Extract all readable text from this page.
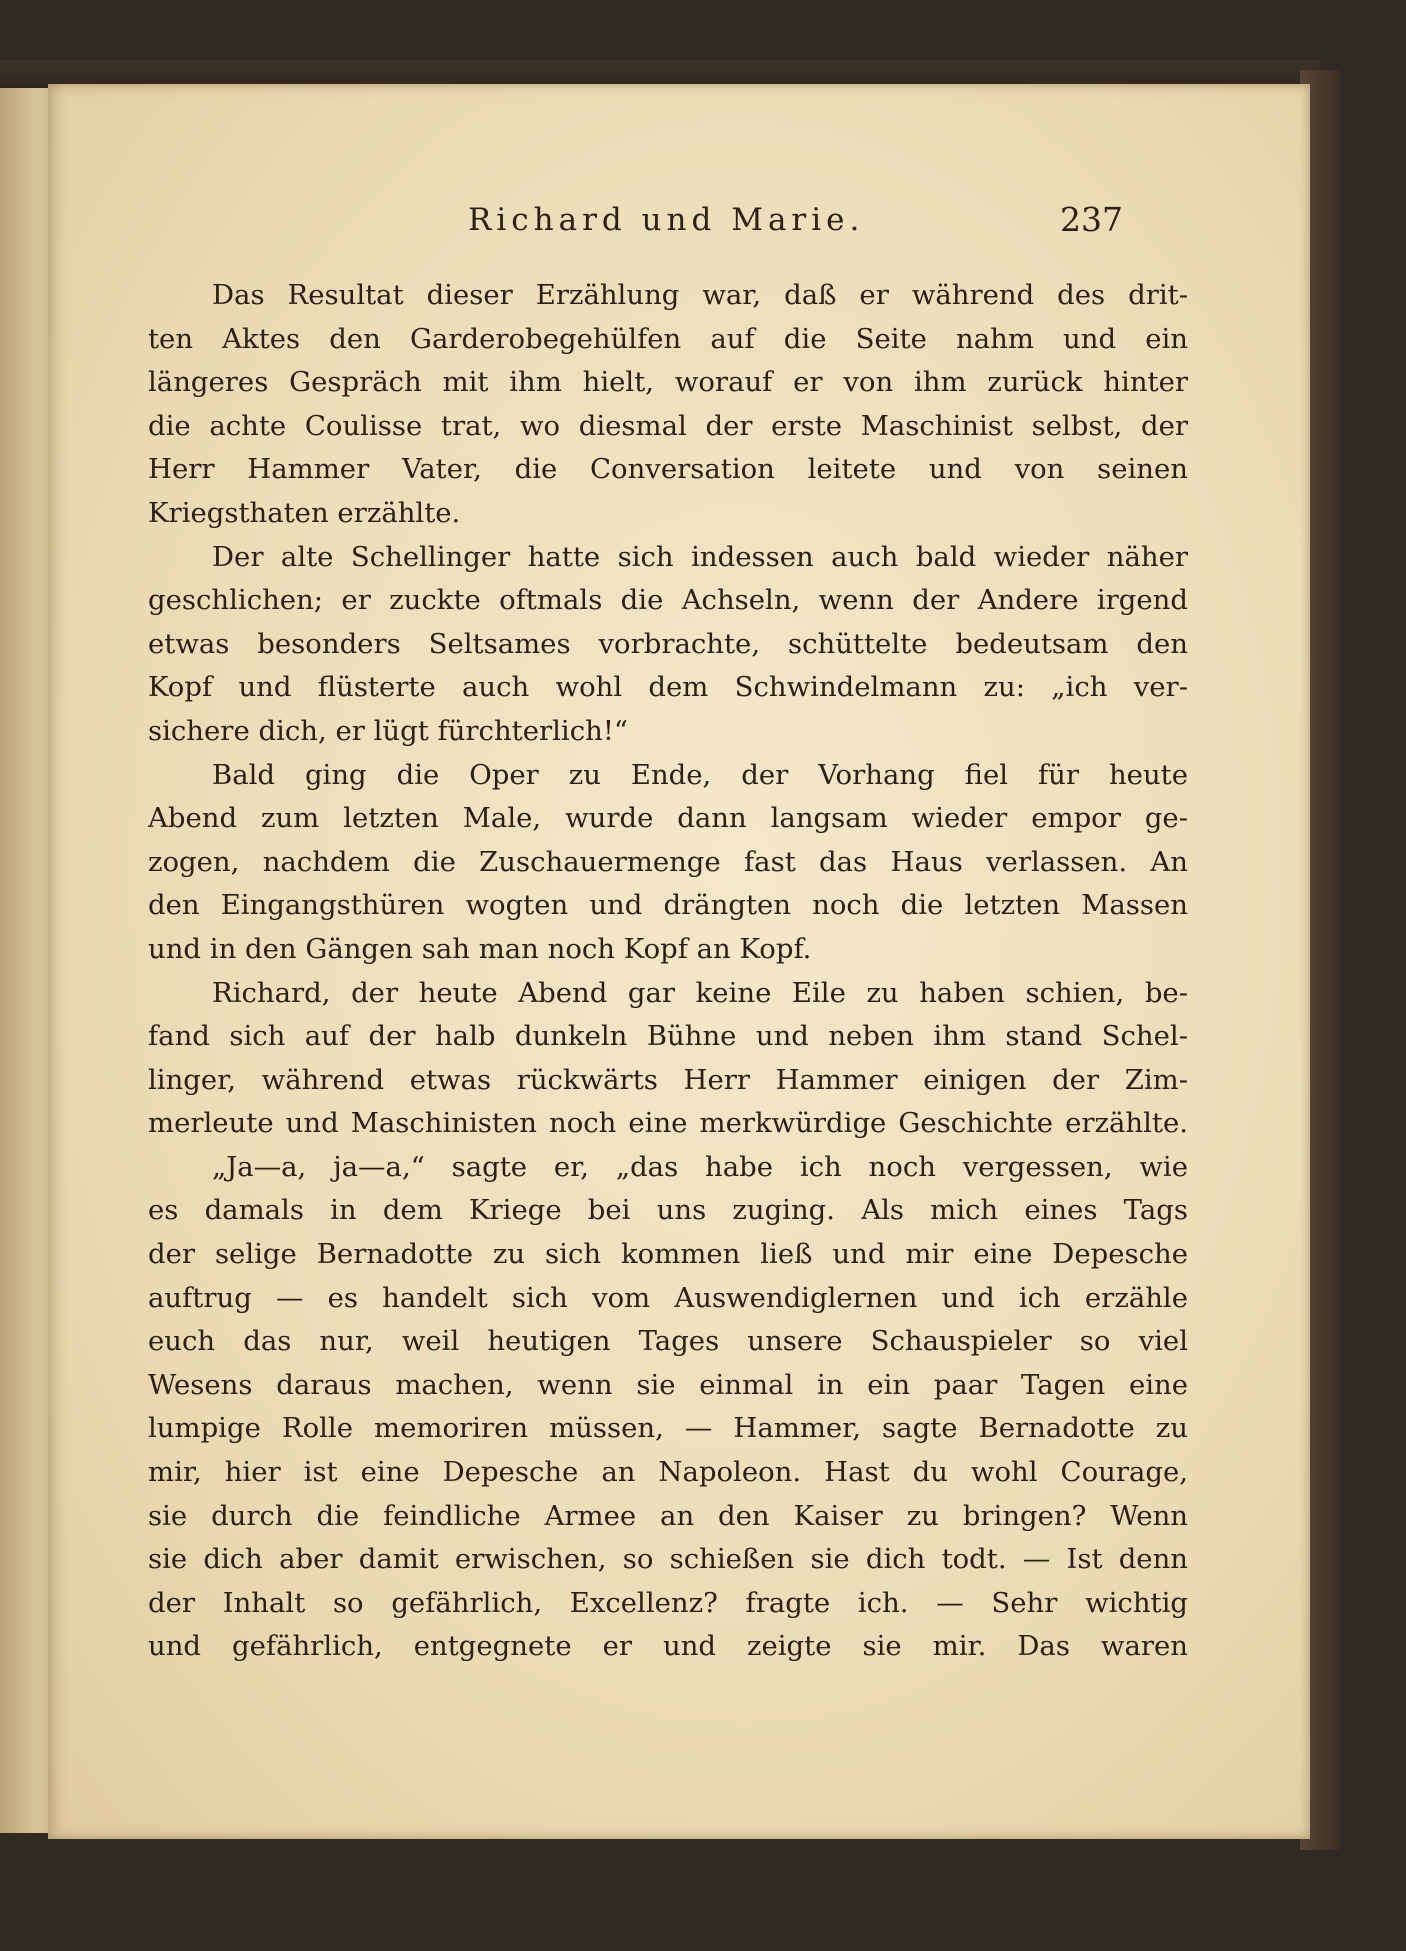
Richard und Marie.	237
Das Resultat dieser Erzählung war, daß er während des drit-
ten Aktes den Garderobegehülfen auf die Seite nahm und ein
längeres Gespräch mit ihm hielt, worauf er von ihm zurück hinter
die achte Coulisse trat, wo diesmal der erste Maschinist selbst, der
Herr Hammer Vater, die Conversation leitete und von seinen
Kriegsthaten erzählte.
Der alte Schellinger hatte sich indessen auch bald wieder näher
geschlichen; er zuckte oftmals die Achseln, wenn der Andere irgend
etwas besonders Seltsames vorbrachte, schüttelte bedeutsam den
Kopf und flüsterte auch wohl dem Schwindelmann zu: „ich ver-
sichere dich, er lügt fürchterlich!“
Bald ging die Oper zu Ende, der Vorhang fiel für heute
Abend zum letzten Male, wurde dann langsam wieder empor ge-
zogen, nachdem die Zuschauermenge fast das Haus verlassen. An
den Eingangsthüren wogten und drängten noch die letzten Massen
und in den Gängen sah man noch Kopf an Kopf.
Richard, der heute Abend gar keine Eile zu haben schien, be-
fand sich auf der halb dunkeln Bühne und neben ihm stand Schel-
linger, während etwas rückwärts Herr Hammer einigen der Zim-
merleute und Maschinisten noch eine merkwürdige Geschichte erzählte.
„Ja—a, ja—a,“ sagte er, „das habe ich noch vergessen, wie
es damals in dem Kriege bei uns zuging. Als mich eines Tags
der selige Bernadotte zu sich kommen ließ und mir eine Depesche
auftrug — es handelt sich vom Auswendiglernen und ich erzähle
euch das nur, weil heutigen Tages unsere Schauspieler so viel
Wesens daraus machen, wenn sie einmal in ein paar Tagen eine
lumpige Rolle memoriren müssen, — Hammer, sagte Bernadotte zu
mir, hier ist eine Depesche an Napoleon. Hast du wohl Courage,
sie durch die feindliche Armee an den Kaiser zu bringen? Wenn
sie dich aber damit erwischen, so schießen sie dich todt. — Ist denn
der Inhalt so gefährlich, Excellenz? fragte ich. — Sehr wichtig
und gefährlich, entgegnete er und zeigte sie mir. Das waren
